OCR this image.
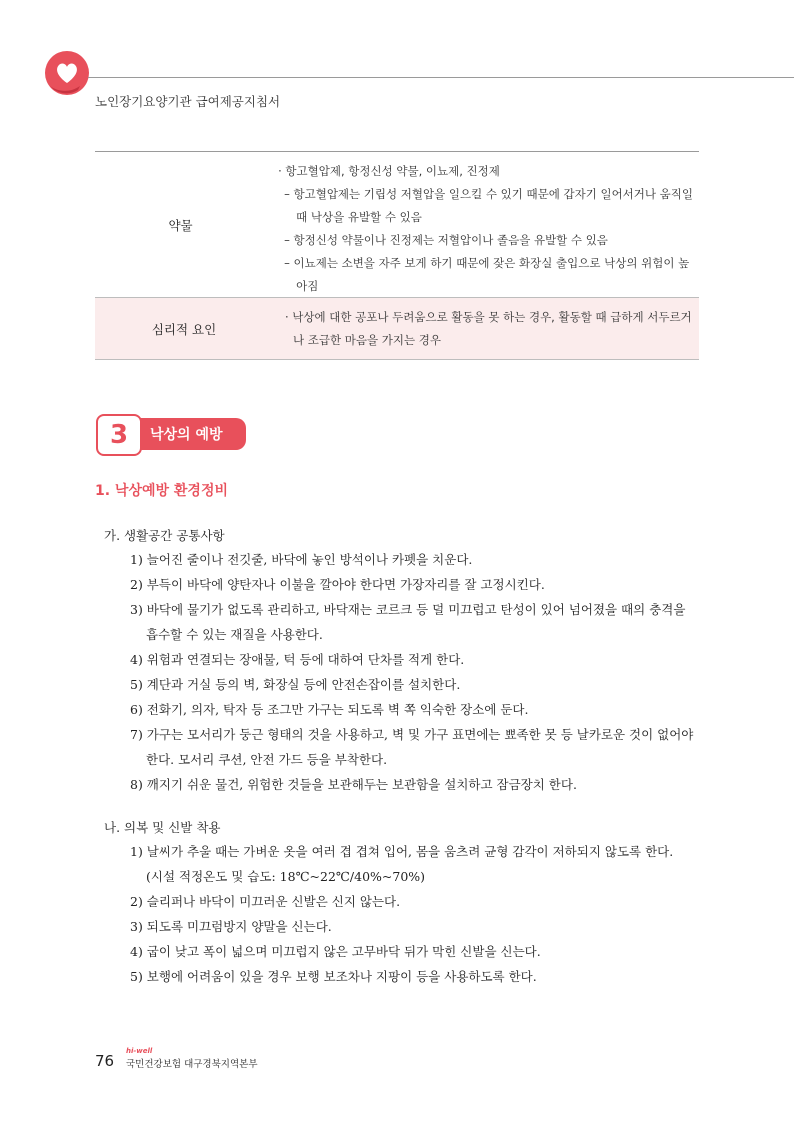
노인장기요양기관 급여제공지침서
약물
· 항고혈압제, 항정신성 약물, 이뇨제, 진정제
– 항고혈압제는 기립성 저혈압을 일으킬 수 있기 때문에 갑자기 일어서거나 움직일
때 낙상을 유발할 수 있음
– 항정신성 약물이나 진정제는 저혈압이나 졸음을 유발할 수 있음
– 이뇨제는 소변을 자주 보게 하기 때문에 잦은 화장실 출입으로 낙상의 위험이 높
아짐
심리적 요인
· 낙상에 대한 공포나 두려움으로 활동을 못 하는 경우, 활동할 때 급하게 서두르거
나 조급한 마음을 가지는 경우
3	낙상의 예방
1. 낙상예방 환경정비
가. 생활공간 공통사항
1) 늘어진 줄이나 전깃줄, 바닥에 놓인 방석이나 카펫을 치운다.
2) 부득이 바닥에 양탄자나 이불을 깔아야 한다면 가장자리를 잘 고정시킨다.
3) 바닥에 물기가 없도록 관리하고, 바닥재는 코르크 등 덜 미끄럽고 탄성이 있어 넘어졌을 때의 충격을
흡수할 수 있는 재질을 사용한다.
4) 위험과 연결되는 장애물, 턱 등에 대하여 단차를 적게 한다.
5) 계단과 거실 등의 벽, 화장실 등에 안전손잡이를 설치한다.
6) 전화기, 의자, 탁자 등 조그만 가구는 되도록 벽 쪽 익숙한 장소에 둔다.
7) 가구는 모서리가 둥근 형태의 것을 사용하고, 벽 및 가구 표면에는 뾰족한 못 등 날카로운 것이 없어야
한다. 모서리 쿠션, 안전 가드 등을 부착한다.
8) 깨지기 쉬운 물건, 위험한 것들을 보관해두는 보관함을 설치하고 잠금장치 한다.
나. 의복 및 신발 착용
1) 날씨가 추울 때는 가벼운 옷을 여러 겹 겹쳐 입어, 몸을 움츠려 균형 감각이 저하되지 않도록 한다.
(시설 적정온도 및 습도: 18℃~22℃/40%~70%)
2) 슬리퍼나 바닥이 미끄러운 신발은 신지 않는다.
3) 되도록 미끄럼방지 양말을 신는다.
4) 굽이 낮고 폭이 넓으며 미끄럽지 않은 고무바닥 뒤가 막힌 신발을 신는다.
5) 보행에 어려움이 있을 경우 보행 보조차나 지팡이 등을 사용하도록 한다.
76
hi-well
국민건강보험 대구경북지역본부
